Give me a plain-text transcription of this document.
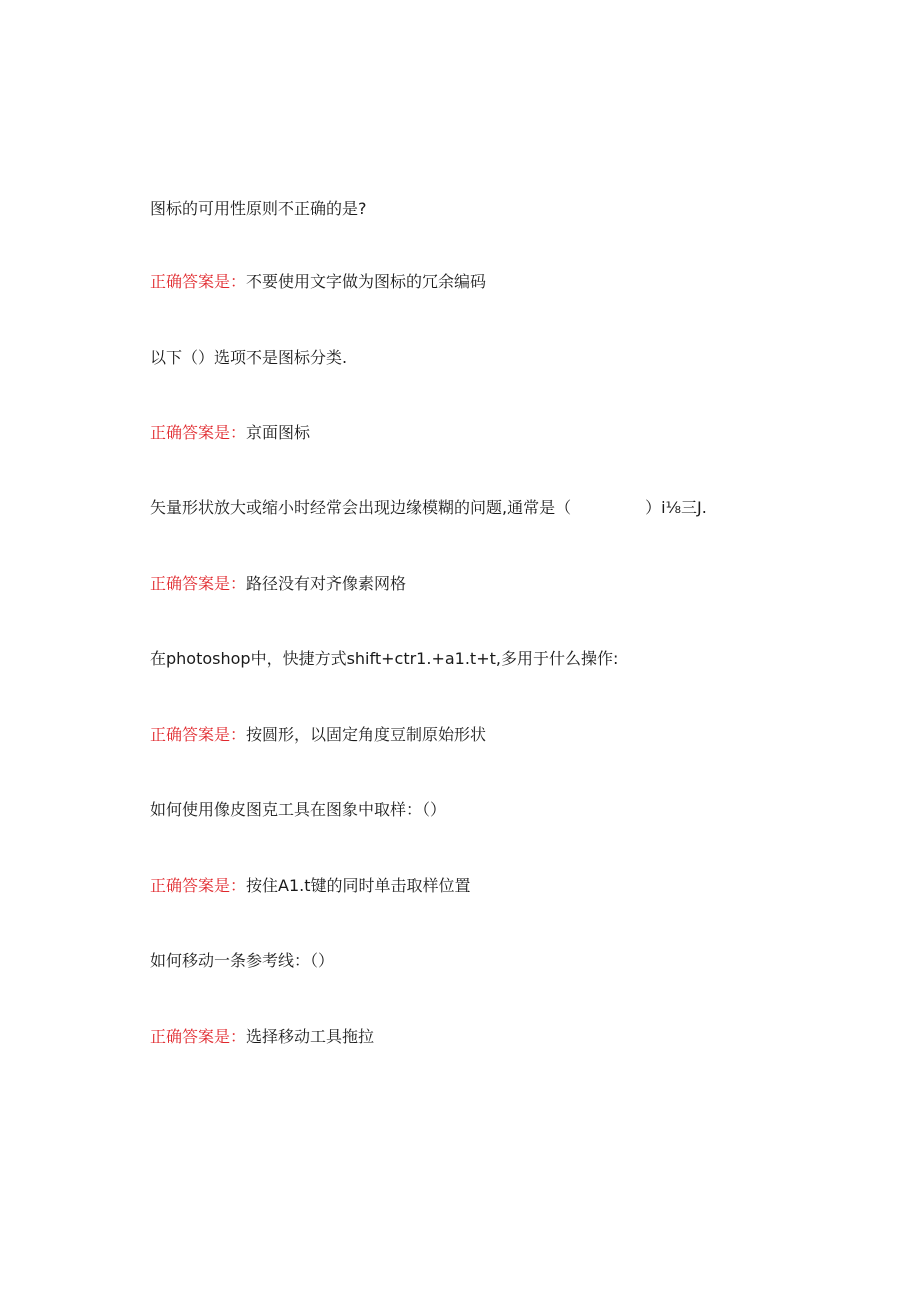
图标的可用性原则不正确的是?
正确答案是：不要使用文字做为图标的冗余编码
以下（）选项不是图标分类.
正确答案是：京面图标
矢量形状放大或缩小时经常会出现边缘模糊的问题,通常是（	）i⅛三J.
正确答案是：路径没有对齐像素网格
在photoshop中，快捷方式shift+ctr1.+a1.t+t,多用于什么操作:
正确答案是：按圆形，以固定角度豆制原始形状
如何使用像皮图克工具在图象中取样：（）
正确答案是：按住A1.t键的同时单击取样位置
如何移动一条参考线：（）
正确答案是：选择移动工具拖拉
